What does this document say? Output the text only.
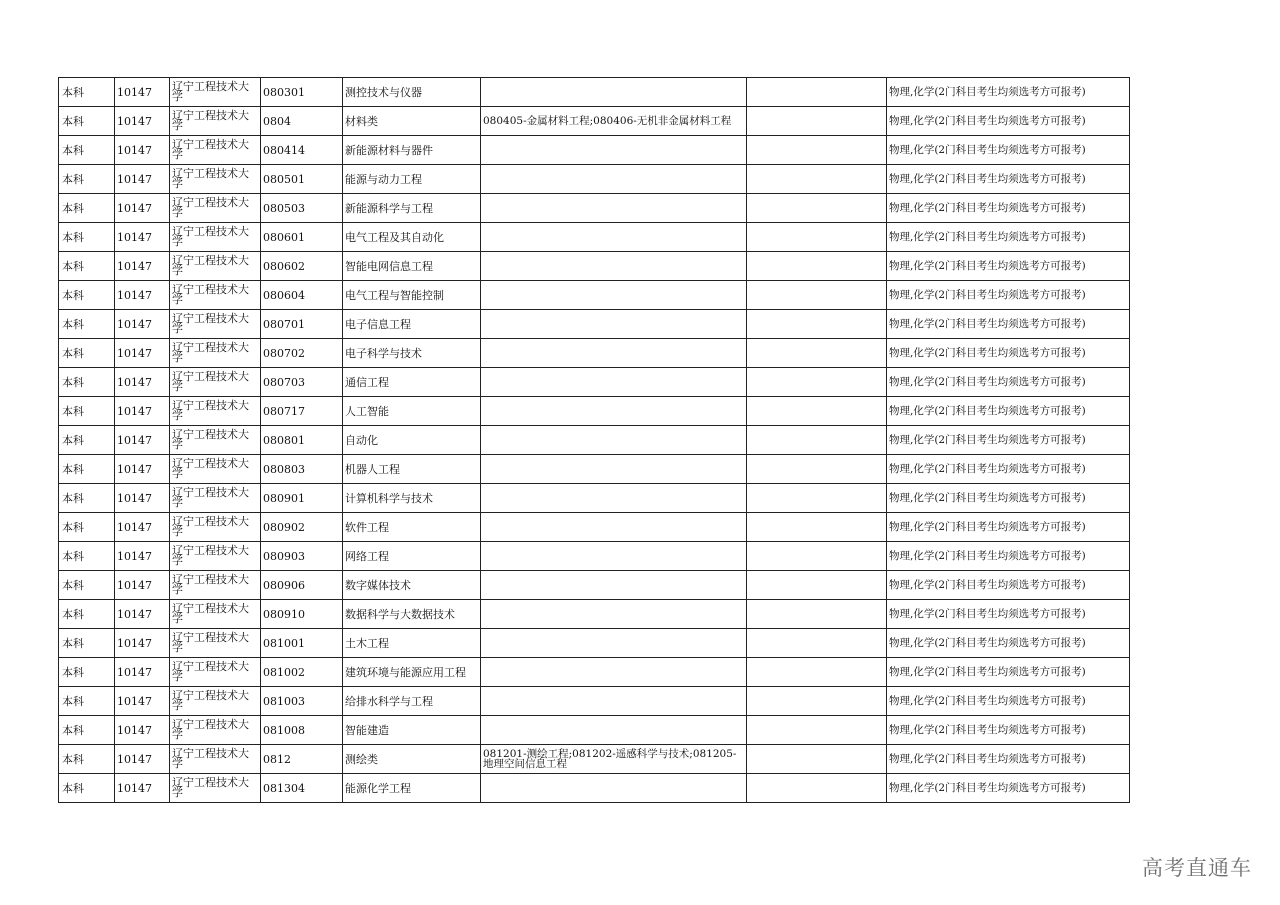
本科	10147	辽宁工程技术大学	080301	测控技术与仪器			物理,化学(2门科目考生均须选考方可报考)
本科	10147	辽宁工程技术大学	0804	材料类	080405-金属材料工程;080406-无机非金属材料工程		物理,化学(2门科目考生均须选考方可报考)
本科	10147	辽宁工程技术大学	080414	新能源材料与器件			物理,化学(2门科目考生均须选考方可报考)
本科	10147	辽宁工程技术大学	080501	能源与动力工程			物理,化学(2门科目考生均须选考方可报考)
本科	10147	辽宁工程技术大学	080503	新能源科学与工程			物理,化学(2门科目考生均须选考方可报考)
本科	10147	辽宁工程技术大学	080601	电气工程及其自动化			物理,化学(2门科目考生均须选考方可报考)
本科	10147	辽宁工程技术大学	080602	智能电网信息工程			物理,化学(2门科目考生均须选考方可报考)
本科	10147	辽宁工程技术大学	080604	电气工程与智能控制			物理,化学(2门科目考生均须选考方可报考)
本科	10147	辽宁工程技术大学	080701	电子信息工程			物理,化学(2门科目考生均须选考方可报考)
本科	10147	辽宁工程技术大学	080702	电子科学与技术			物理,化学(2门科目考生均须选考方可报考)
本科	10147	辽宁工程技术大学	080703	通信工程			物理,化学(2门科目考生均须选考方可报考)
本科	10147	辽宁工程技术大学	080717	人工智能			物理,化学(2门科目考生均须选考方可报考)
本科	10147	辽宁工程技术大学	080801	自动化			物理,化学(2门科目考生均须选考方可报考)
本科	10147	辽宁工程技术大学	080803	机器人工程			物理,化学(2门科目考生均须选考方可报考)
本科	10147	辽宁工程技术大学	080901	计算机科学与技术			物理,化学(2门科目考生均须选考方可报考)
本科	10147	辽宁工程技术大学	080902	软件工程			物理,化学(2门科目考生均须选考方可报考)
本科	10147	辽宁工程技术大学	080903	网络工程			物理,化学(2门科目考生均须选考方可报考)
本科	10147	辽宁工程技术大学	080906	数字媒体技术			物理,化学(2门科目考生均须选考方可报考)
本科	10147	辽宁工程技术大学	080910	数据科学与大数据技术			物理,化学(2门科目考生均须选考方可报考)
本科	10147	辽宁工程技术大学	081001	土木工程			物理,化学(2门科目考生均须选考方可报考)
本科	10147	辽宁工程技术大学	081002	建筑环境与能源应用工程			物理,化学(2门科目考生均须选考方可报考)
本科	10147	辽宁工程技术大学	081003	给排水科学与工程			物理,化学(2门科目考生均须选考方可报考)
本科	10147	辽宁工程技术大学	081008	智能建造			物理,化学(2门科目考生均须选考方可报考)
本科	10147	辽宁工程技术大学	0812	测绘类	081201-测绘工程;081202-遥感科学与技术;081205-地理空间信息工程		物理,化学(2门科目考生均须选考方可报考)
本科	10147	辽宁工程技术大学	081304	能源化学工程			物理,化学(2门科目考生均须选考方可报考)
高考直通车
